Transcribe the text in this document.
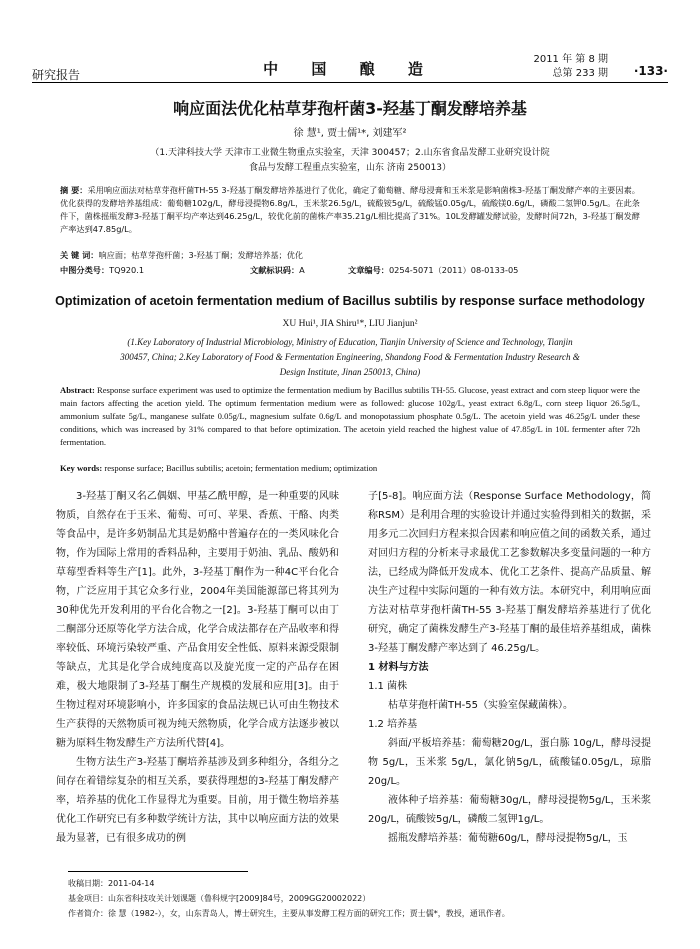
研究报告	中 国 酿 造
2011 年 第 8 期
总第 233 期 ·133·
响应面法优化枯草芽孢杆菌3-羟基丁酮发酵培养基
徐 慧¹, 贾士儒¹*, 刘建军²
（1.天津科技大学 天津市工业微生物重点实验室，天津 300457；2.山东省食品发酵工业研究设计院
食品与发酵工程重点实验室，山东 济南 250013）
摘 要：采用响应面法对枯草芽孢杆菌TH-55 3-羟基丁酮发酵培养基进行了优化，确定了葡萄糖、酵母浸膏和玉米浆是影响菌株3-羟基丁酮发酵产率的主要因素。优化获得的发酵培养基组成：葡萄糖102g/L，酵母浸提物6.8g/L，玉米浆26.5g/L，硫酸铵5g/L，硫酸锰0.05g/L，硫酸镁0.6g/L，磷酸二氢钾0.5g/L。在此条件下，菌株摇瓶发酵3-羟基丁酮平均产率达到46.25g/L，较优化前的菌株产率35.21g/L相比提高了31%。10L发酵罐发酵试验，发酵时间72h，3-羟基丁酮发酵产率达到47.85g/L。
关 键 词：响应面；枯草芽孢杆菌；3-羟基丁酮；发酵培养基；优化
中图分类号：TQ920.1	文献标识码：A	文章编号：0254-5071（2011）08-0133-05
Optimization of acetoin fermentation medium of Bacillus subtilis by response surface methodology
XU Hui¹, JIA Shiru¹*, LIU Jianjun²
(1.Key Laboratory of Industrial Microbiology, Ministry of Education, Tianjin University of Science and Technology, Tianjin
300457, China; 2.Key Laboratory of Food & Fermentation Engineering, Shandong Food & Fermentation Industry Research &
Design Institute, Jinan 250013, China)
Abstract: Response surface experiment was used to optimize the fermentation medium by Bacillus subtilis TH-55. Glucose, yeast extract and corn steep liquor were the main factors affecting the acetion yield. The optimum fermentation medium were as followed: glucose 102g/L, yeast extract 6.8g/L, corn steep liquor 26.5g/L, ammonium sulfate 5g/L, manganese sulfate 0.05g/L, magnesium sulfate 0.6g/L and monopotassium phosphate 0.5g/L. The acetoin yield was 46.25g/L under these conditions, which was increased by 31% compared to that before optimization. The acetoin yield reached the highest value of 47.85g/L in 10L fermenter after 72h fermentation.
Key words: response surface; Bacillus subtilis; acetoin; fermentation medium; optimization

3-羟基丁酮又名乙偶姻、甲基乙酰甲醇，是一种重要的风味物质，自然存在于玉米、葡萄、可可、苹果、香蕉、干酪、肉类等食品中，是许多奶制品尤其是奶酪中普遍存在的一类风味化合物，作为国际上常用的香料品种，主要用于奶油、乳品、酸奶和草莓型香料等生产[1]。此外，3-羟基丁酮作为一种4C平台化合物，广泛应用于其它众多行业，2004年美国能源部已将其列为30种优先开发利用的平台化合物之一[2]。3-羟基丁酮可以由丁二酮部分还原等化学方法合成，化学合成法都存在产品收率和得率较低、环境污染较严重、产品食用安全性低、原料来源受限制等缺点，尤其是化学合成纯度高以及旋光度一定的产品存在困难，极大地限制了3-羟基丁酮生产规模的发展和应用[3]。由于生物过程对环境影响小，许多国家的食品法规已认可由生物技术生产获得的天然物质可视为纯天然物质，化学合成方法逐步被以糖为原料生物发酵生产方法所代替[4]。

生物方法生产3-羟基丁酮培养基涉及到多种组分，各组分之间存在着错综复杂的相互关系，要获得理想的3-羟基丁酮发酵产率，培养基的优化工作显得尤为重要。目前，用于微生物培养基优化工作研究已有多种数学统计方法，其中以响应面方法的效果最为显著，已有很多成功的例

子[5-8]。响应面方法（Response Surface Methodology，简称RSM）是利用合理的实验设计并通过实验得到相关的数据，采用多元二次回归方程来拟合因素和响应值之间的函数关系，通过对回归方程的分析来寻求最优工艺参数解决多变量问题的一种方法，已经成为降低开发成本、优化工艺条件、提高产品质量、解决生产过程中实际问题的一种有效方法。本研究中，利用响应面方法对枯草芽孢杆菌TH-55 3-羟基丁酮发酵培养基进行了优化研究，确定了菌株发酵生产3-羟基丁酮的最佳培养基组成，菌株3-羟基丁酮发酵产率达到了 46.25g/L。

1 材料与方法
1.1 菌株

枯草芽孢杆菌TH-55（实验室保藏菌株）。

1.2 培养基

斜面/平板培养基：葡萄糖20g/L，蛋白胨 10g/L，酵母浸提物 5g/L，玉米浆 5g/L，氯化钠5g/L，硫酸锰0.05g/L，琼脂20g/L。

液体种子培养基：葡萄糖30g/L，酵母浸提物5g/L，玉米浆20g/L，硫酸铵5g/L，磷酸二氢钾1g/L。

摇瓶发酵培养基：葡萄糖60g/L，酵母浸提物5g/L，玉

收稿日期：2011-04-14
基金项目：山东省科技攻关计划课题（鲁科规字[2009]84号，2009GG20002022）
作者简介：徐 慧（1982-），女，山东青岛人，博士研究生，主要从事发酵工程方面的研究工作；贾士儒*，教授，通讯作者。
